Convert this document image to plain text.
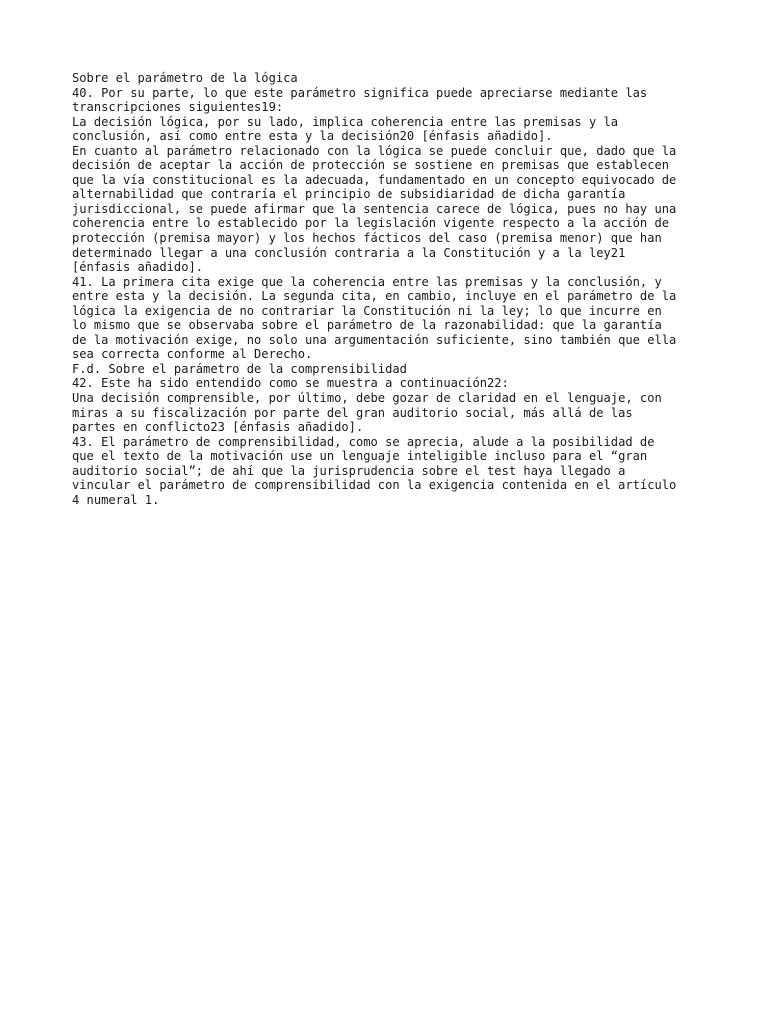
Sobre el parámetro de la lógica

40. Por su parte, lo que este parámetro significa puede apreciarse mediante las
transcripciones siguientes19:

La decisión lógica, por su lado, implica coherencia entre las premisas y la
conclusión, así como entre esta y la decisión20 [énfasis añadido].

En cuanto al parámetro relacionado con la lógica se puede concluir que, dado que la
decisión de aceptar la acción de protección se sostiene en premisas que establecen
que la vía constitucional es la adecuada, fundamentado en un concepto equivocado de
alternabilidad que contraría el principio de subsidiaridad de dicha garantía
jurisdiccional, se puede afirmar que la sentencia carece de lógica, pues no hay una
coherencia entre lo establecido por la legislación vigente respecto a la acción de
protección (premisa mayor) y los hechos fácticos del caso (premisa menor) que han
determinado llegar a una conclusión contraria a la Constitución y a la ley21
[énfasis añadido].

41. La primera cita exige que la coherencia entre las premisas y la conclusión, y
entre esta y la decisión. La segunda cita, en cambio, incluye en el parámetro de la
lógica la exigencia de no contrariar la Constitución ni la ley; lo que incurre en
lo mismo que se observaba sobre el parámetro de la razonabilidad: que la garantía
de la motivación exige, no solo una argumentación suficiente, sino también que ella
sea correcta conforme al Derecho.

F.d. Sobre el parámetro de la comprensibilidad

42. Este ha sido entendido como se muestra a continuación22:

Una decisión comprensible, por último, debe gozar de claridad en el lenguaje, con
miras a su fiscalización por parte del gran auditorio social, más allá de las
partes en conflicto23 [énfasis añadido].

43. El parámetro de comprensibilidad, como se aprecia, alude a la posibilidad de
que el texto de la motivación use un lenguaje inteligible incluso para el “gran
auditorio social”; de ahí que la jurisprudencia sobre el test haya llegado a
vincular el parámetro de comprensibilidad con la exigencia contenida en el artículo
4 numeral 1.
